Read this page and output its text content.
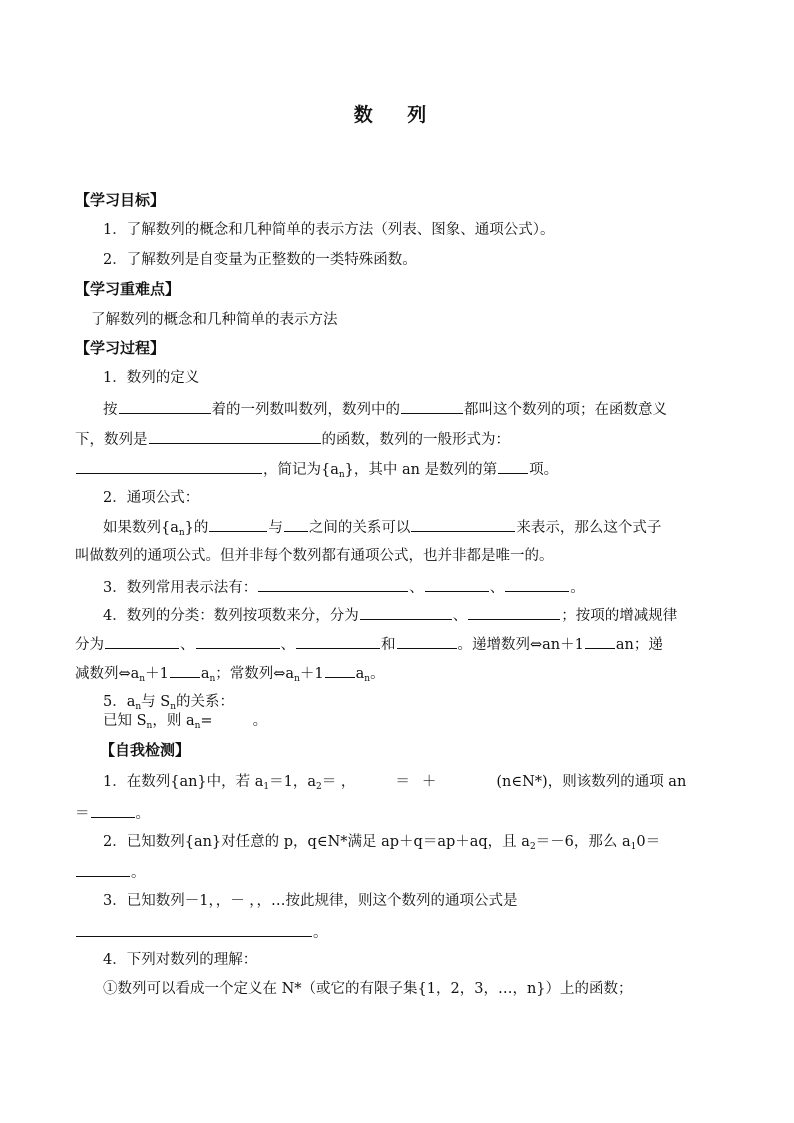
数 列
【学习目标】
1．了解数列的概念和几种简单的表示方法（列表、图象、通项公式）。
2．了解数列是自变量为正整数的一类特殊函数。
【学习重难点】
了解数列的概念和几种简单的表示方法
【学习过程】
1．数列的定义
按	着的一列数叫数列，数列中的	都叫这个数列的项；在函数意义
下，数列是	的函数，数列的一般形式为：
，简记为$\{a_n\}$，其中 an 是数列的第 项。
2．通项公式：
如果数列$\{a_n\}$的	与 之间的关系可以	来表示，那么这个式子
叫做数列的通项公式。但并非每个数列都有通项公式，也并非都是唯一的。
3．数列常用表示法有：	、	、	。
4．数列的分类：数列按项数来分，分为	、	；按项的增减规律
分为	、	、	和	。递增数列⇔an＋1 an；递
减数列$\Leftrightarrow a_n+1$ $a_n$；常数列$\Leftrightarrow a_n+1$ $a_n$。
5．$a_n$与 $S_n$的关系：
已知 $S_n$，则 $a_n=$	。
【自我检测】
1．在数列{an}中，若 $a_1=1$，$a_2=$ ，	＝ ＋	(n∈N*)，则该数列的通项 an
＝	。
2．已知数列{an}对任意的 p，q∈N*满足 ap＋q＝ap＋aq，且 $a_2=-6$，那么 $a_10=$
。
3．已知数列－1，，－ ，，…按此规律，则这个数列的通项公式是
。
4．下列对数列的理解：
①数列可以看成一个定义在 N*（或它的有限子集{1，2，3，…，n}）上的函数；
